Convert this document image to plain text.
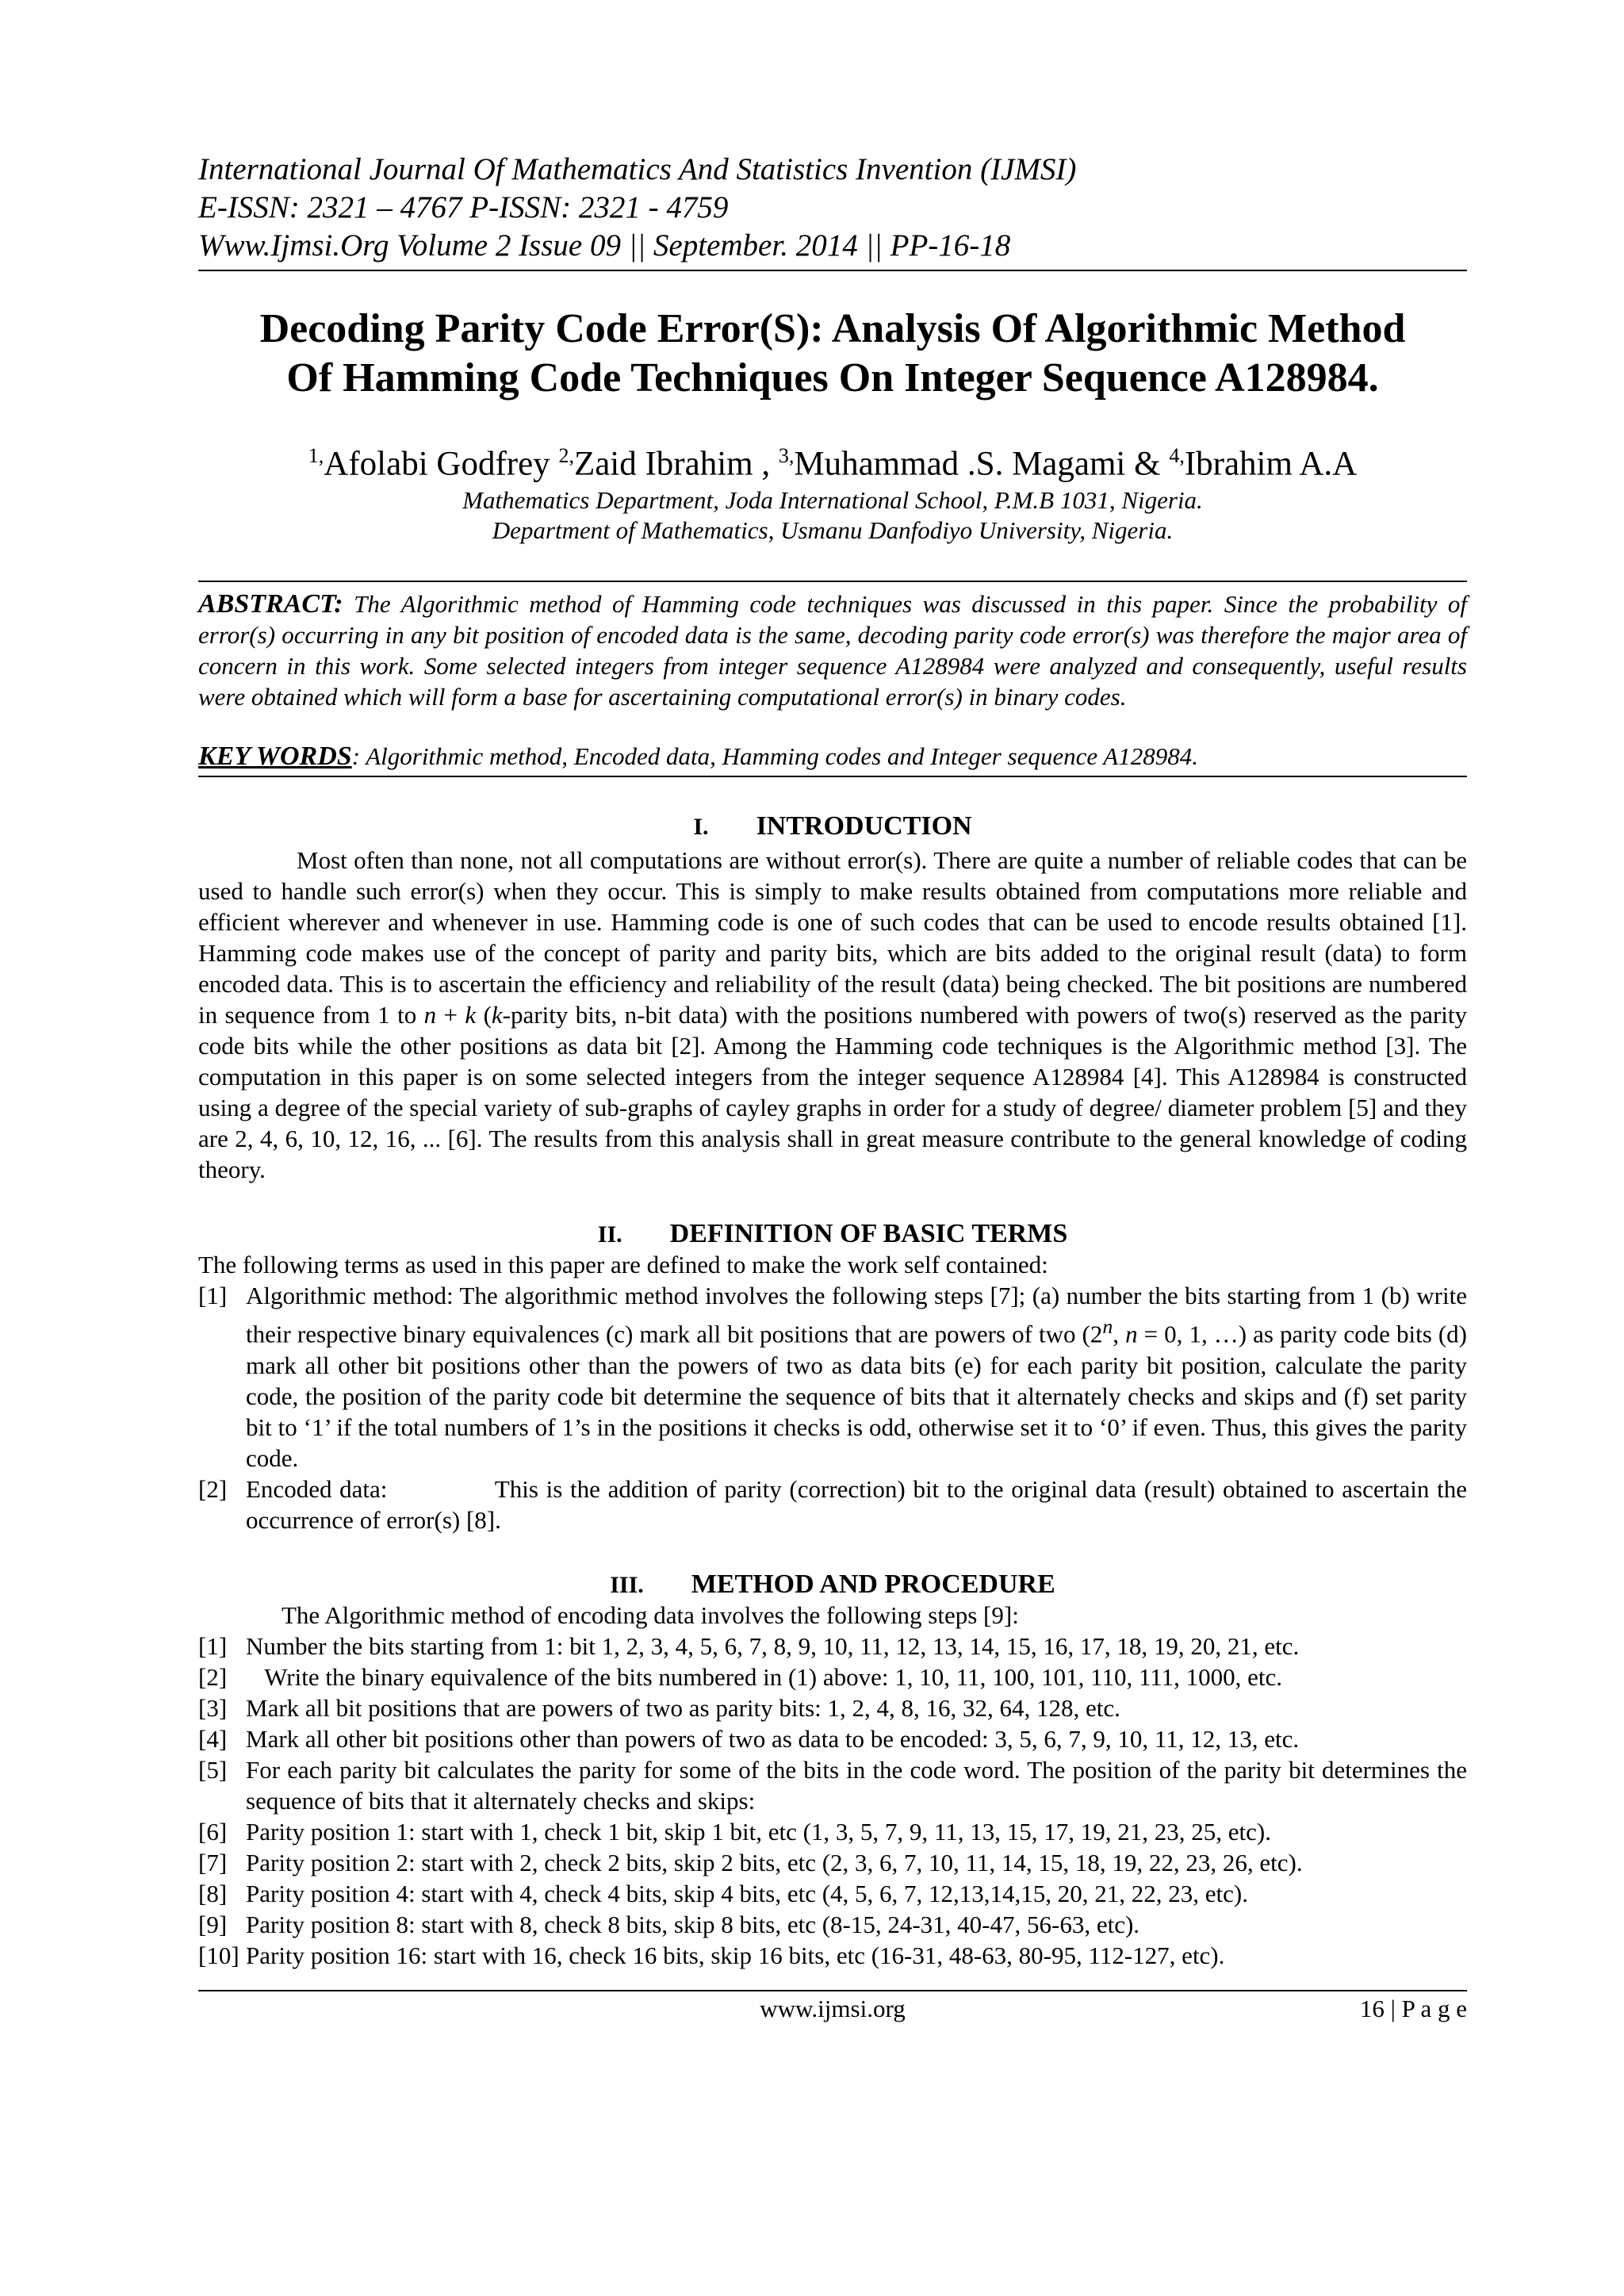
International Journal Of Mathematics And Statistics Invention (IJMSI)
E-ISSN: 2321 – 4767 P-ISSN: 2321 - 4759
Www.Ijmsi.Org Volume 2 Issue 09 || September. 2014 || PP-16-18
Decoding Parity Code Error(S): Analysis Of Algorithmic Method
Of Hamming Code Techniques On Integer Sequence A128984.
$^{1,}$Afolabi Godfrey $^{2,}$Zaid Ibrahim , $^{3,}$Muhammad .S. Magami & $^{4,}$Ibrahim A.A
Mathematics Department, Joda International School, P.M.B 1031, Nigeria.
Department of Mathematics, Usmanu Danfodiyo University, Nigeria.
ABSTRACT: The Algorithmic method of Hamming code techniques was discussed in this paper. Since the probability of error(s) occurring in any bit position of encoded data is the same, decoding parity code error(s) was therefore the major area of concern in this work. Some selected integers from integer sequence A128984 were analyzed and consequently, useful results were obtained which will form a base for ascertaining computational error(s) in binary codes.
KEY WORDS: Algorithmic method, Encoded data, Hamming codes and Integer sequence A128984.
I. INTRODUCTION
Most often than none, not all computations are without error(s). There are quite a number of reliable codes that can be used to handle such error(s) when they occur. This is simply to make results obtained from computations more reliable and efficient wherever and whenever in use. Hamming code is one of such codes that can be used to encode results obtained [1]. Hamming code makes use of the concept of parity and parity bits, which are bits added to the original result (data) to form encoded data. This is to ascertain the efficiency and reliability of the result (data) being checked. The bit positions are numbered in sequence from 1 to n + k (k-parity bits, n-bit data) with the positions numbered with powers of two(s) reserved as the parity code bits while the other positions as data bit [2]. Among the Hamming code techniques is the Algorithmic method [3]. The computation in this paper is on some selected integers from the integer sequence A128984 [4]. This A128984 is constructed using a degree of the special variety of sub-graphs of cayley graphs in order for a study of degree/ diameter problem [5] and they are 2, 4, 6, 10, 12, 16, ... [6]. The results from this analysis shall in great measure contribute to the general knowledge of coding theory.
II. DEFINITION OF BASIC TERMS
The following terms as used in this paper are defined to make the work self contained:
[1] Algorithmic method: The algorithmic method involves the following steps [7]; (a) number the bits starting from 1 (b) write their respective binary equivalences (c) mark all bit positions that are powers of two (2$^n$, n = 0, 1, …) as parity code bits (d) mark all other bit positions other than the powers of two as data bits (e) for each parity bit position, calculate the parity code, the position of the parity code bit determine the sequence of bits that it alternately checks and skips and (f) set parity bit to ‘1’ if the total numbers of 1’s in the positions it checks is odd, otherwise set it to ‘0’ if even. Thus, this gives the parity code.
[2] Encoded data:              This is the addition of parity (correction) bit to the original data (result) obtained to ascertain the occurrence of error(s) [8].
III. METHOD AND PROCEDURE
The Algorithmic method of encoding data involves the following steps [9]:
[1] Number the bits starting from 1: bit 1, 2, 3, 4, 5, 6, 7, 8, 9, 10, 11, 12, 13, 14, 15, 16, 17, 18, 19, 20, 21, etc.
[2] Write the binary equivalence of the bits numbered in (1) above: 1, 10, 11, 100, 101, 110, 111, 1000, etc.
[3] Mark all bit positions that are powers of two as parity bits: 1, 2, 4, 8, 16, 32, 64, 128, etc.
[4] Mark all other bit positions other than powers of two as data to be encoded: 3, 5, 6, 7, 9, 10, 11, 12, 13, etc.
[5] For each parity bit calculates the parity for some of the bits in the code word. The position of the parity bit determines the sequence of bits that it alternately checks and skips:
[6] Parity position 1: start with 1, check 1 bit, skip 1 bit, etc (1, 3, 5, 7, 9, 11, 13, 15, 17, 19, 21, 23, 25, etc).
[7] Parity position 2: start with 2, check 2 bits, skip 2 bits, etc (2, 3, 6, 7, 10, 11, 14, 15, 18, 19, 22, 23, 26, etc).
[8] Parity position 4: start with 4, check 4 bits, skip 4 bits, etc (4, 5, 6, 7, 12,13,14,15, 20, 21, 22, 23, etc).
[9] Parity position 8: start with 8, check 8 bits, skip 8 bits, etc (8-15, 24-31, 40-47, 56-63, etc).
[10] Parity position 16: start with 16, check 16 bits, skip 16 bits, etc (16-31, 48-63, 80-95, 112-127, etc).
www.ijmsi.org	16 | P a g e
